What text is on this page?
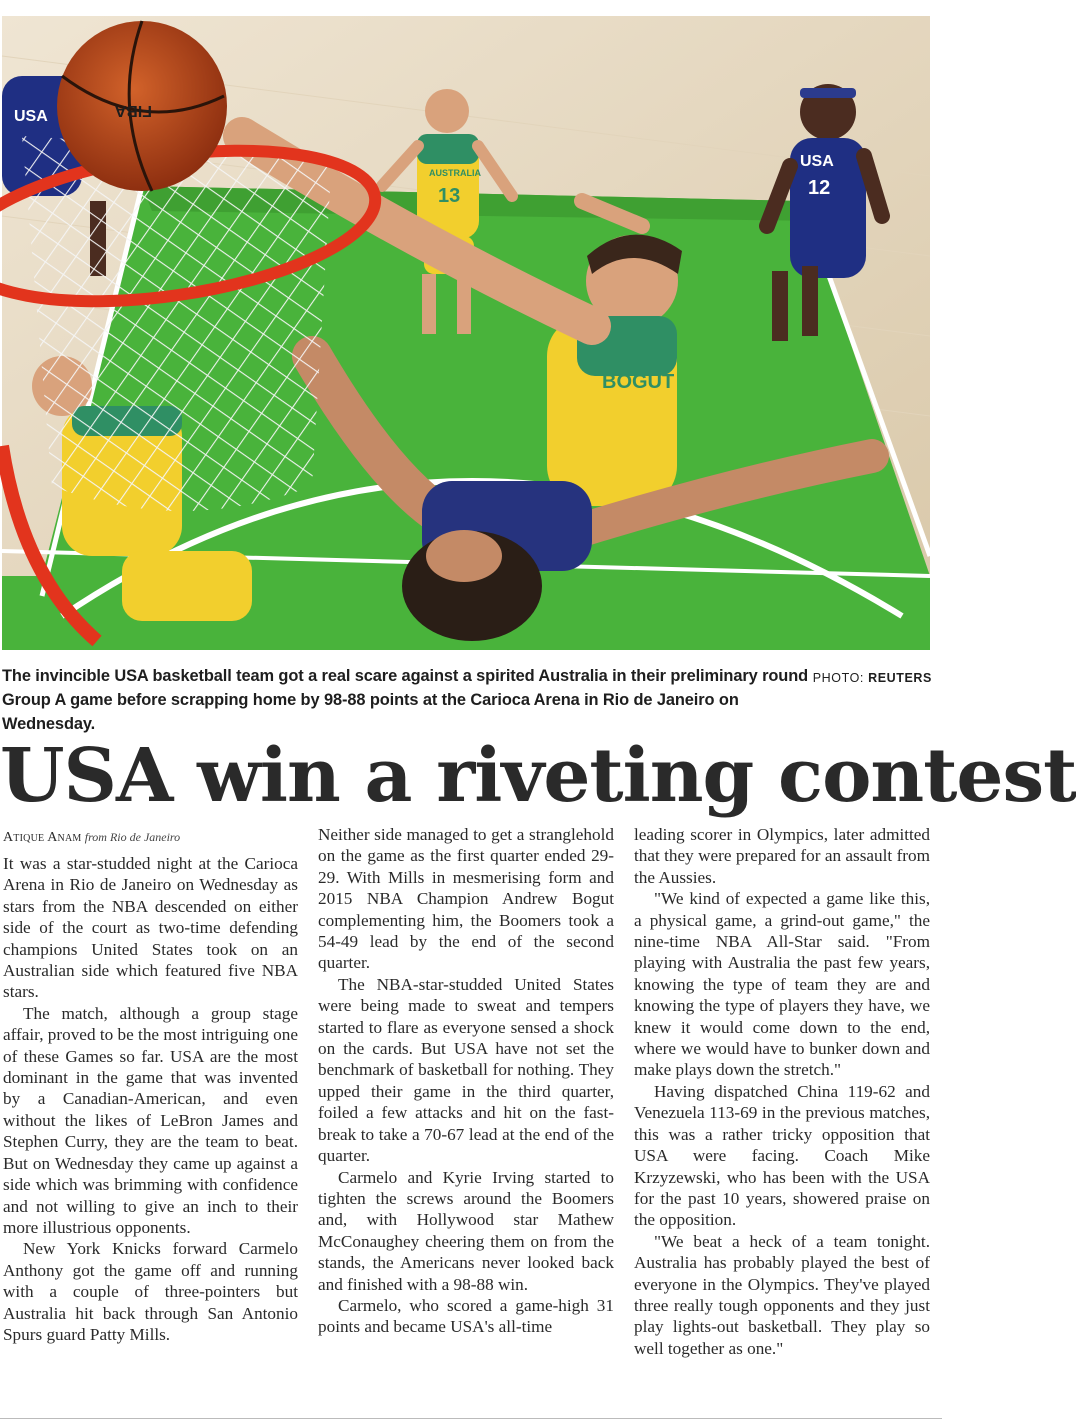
AUSTRALIA
13
USA
12
USA
BOGUT
FIBA
PHOTO: REUTERS
The invincible USA basketball team got a real scare against a spirited Australia in their preliminary round Group A game before scrapping home by 98-88 points at the Carioca Arena in Rio de Janeiro on Wednesday.
USA win a riveting contest
Atique Anam from Rio de Janeiro

It was a star-studded night at the Carioca Arena in Rio de Janeiro on Wednesday as stars from the NBA descended on either side of the court as two-time defending champions United States took on an Australian side which featured five NBA stars.

The match, although a group stage affair, proved to be the most intriguing one of these Games so far. USA are the most dominant in the game that was invented by a Canadian-American, and even without the likes of LeBron James and Stephen Curry, they are the team to beat. But on Wednesday they came up against a side which was brimming with confidence and not willing to give an inch to their more illustrious opponents.

New York Knicks forward Carmelo Anthony got the game off and running with a couple of three-pointers but Australia hit back through San Antonio Spurs guard Patty Mills.

Neither side managed to get a stranglehold on the game as the first quarter ended 29-29. With Mills in mesmerising form and 2015 NBA Champion Andrew Bogut complementing him, the Boomers took a 54-49 lead by the end of the second quarter.

The NBA-star-studded United States were being made to sweat and tempers started to flare as everyone sensed a shock on the cards. But USA have not set the benchmark of basketball for nothing. They upped their game in the third quarter, foiled a few attacks and hit on the fast-break to take a 70-67 lead at the end of the quarter.

Carmelo and Kyrie Irving started to tighten the screws around the Boomers and, with Hollywood star Mathew McConaughey cheering them on from the stands, the Americans never looked back and finished with a 98-88 win.

Carmelo, who scored a game-high 31 points and became USA's all-time

leading scorer in Olympics, later admitted that they were prepared for an assault from the Aussies.

"We kind of expected a game like this, a physical game, a grind-out game," the nine-time NBA All-Star said. "From playing with Australia the past few years, knowing the type of team they are and knowing the type of players they have, we knew it would come down to the end, where we would have to bunker down and make plays down the stretch."

Having dispatched China 119-62 and Venezuela 113-69 in the previous matches, this was a rather tricky opposition that USA were facing. Coach Mike Krzyzewski, who has been with the USA for the past 10 years, showered praise on the opposition.

"We beat a heck of a team tonight. Australia has probably played the best of everyone in the Olympics. They've played three really tough opponents and they just play lights-out basketball. They play so well together as one."
